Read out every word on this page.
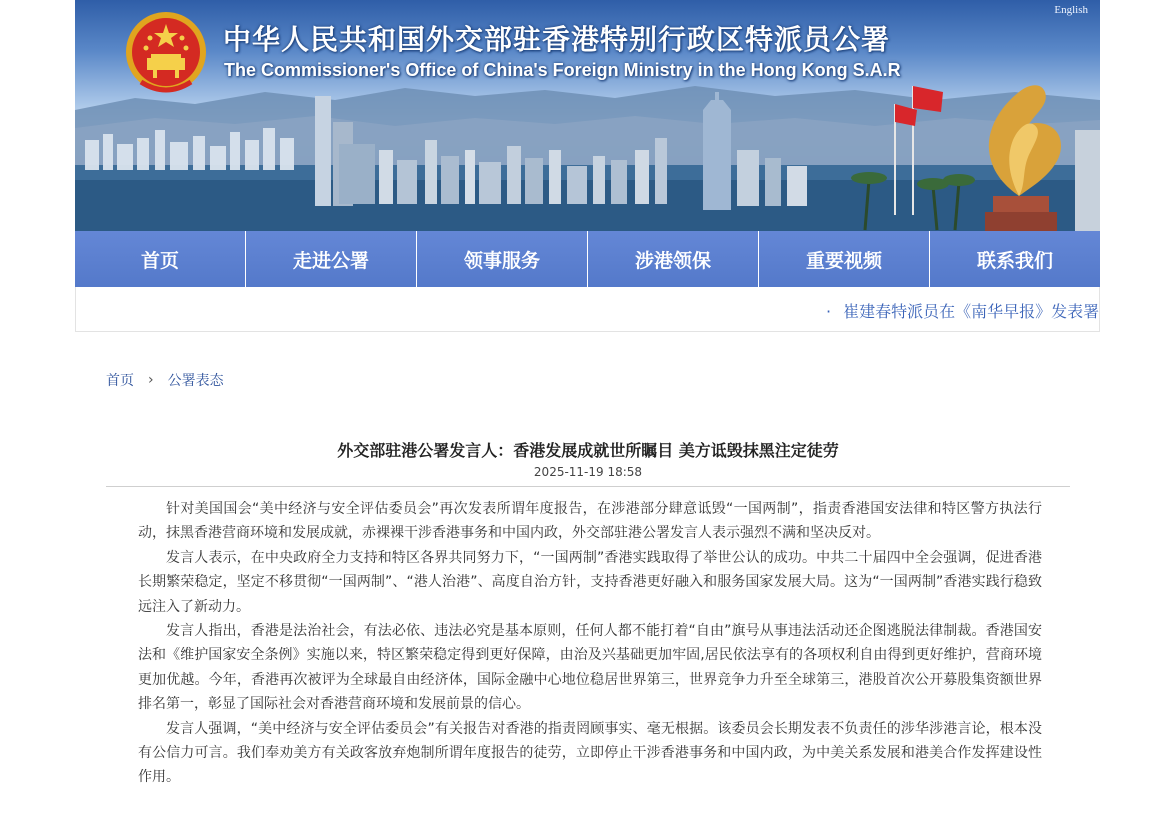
中华人民共和国外交部驻香港特别行政区特派员公署
The Commissioner's Office of China's Foreign Ministry in the Hong Kong S.A.R
English
首页	走进公署	领事服务	涉港领保	重要视频	联系我们
· 崔建春特派员在《南华早报》发表署
首页 › 公署表态
外交部驻港公署发言人：香港发展成就世所瞩目 美方诋毁抹黑注定徒劳
2025-11-19 18:58

针对美国国会“美中经济与安全评估委员会”再次发表所谓年度报告，在涉港部分肆意诋毁“一国两制”，指责香港国安法律和特区警方执法行动，抹黑香港营商环境和发展成就，赤裸裸干涉香港事务和中国内政，外交部驻港公署发言人表示强烈不满和坚决反对。

发言人表示，在中央政府全力支持和特区各界共同努力下，“一国两制”香港实践取得了举世公认的成功。中共二十届四中全会强调，促进香港长期繁荣稳定，坚定不移贯彻“一国两制”、“港人治港”、高度自治方针，支持香港更好融入和服务国家发展大局。这为“一国两制”香港实践行稳致远注入了新动力。

发言人指出，香港是法治社会，有法必依、违法必究是基本原则，任何人都不能打着“自由”旗号从事违法活动还企图逃脱法律制裁。香港国安法和《维护国家安全条例》实施以来，特区繁荣稳定得到更好保障，由治及兴基础更加牢固,居民依法享有的各项权利自由得到更好维护，营商环境更加优越。今年，香港再次被评为全球最自由经济体，国际金融中心地位稳居世界第三，世界竞争力升至全球第三，港股首次公开募股集资额世界排名第一，彰显了国际社会对香港营商环境和发展前景的信心。

发言人强调，“美中经济与安全评估委员会”有关报告对香港的指责罔顾事实、毫无根据。该委员会长期发表不负责任的涉华涉港言论，根本没有公信力可言。我们奉劝美方有关政客放弃炮制所谓年度报告的徒劳，立即停止干涉香港事务和中国内政，为中美关系发展和港美合作发挥建设性作用。
